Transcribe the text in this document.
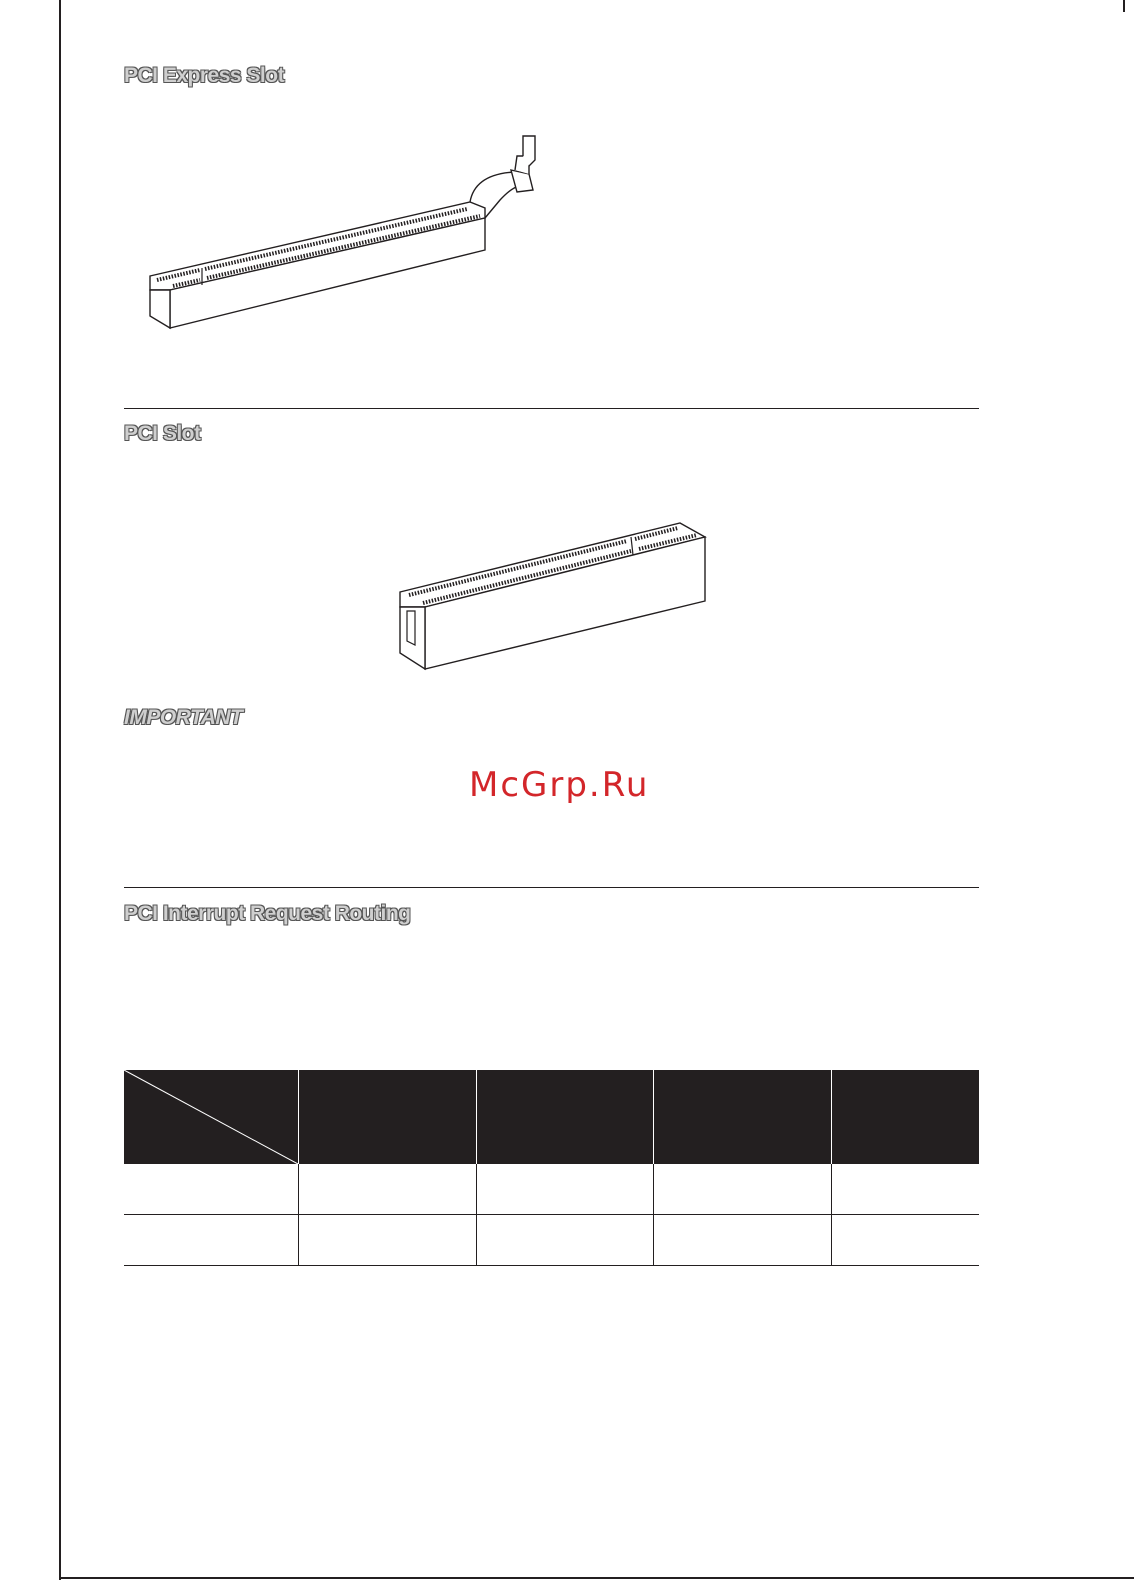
PCI Express Slot
PCI Slot
IMPORTANT
McGrp.Ru
PCI Interrupt Request Routing
